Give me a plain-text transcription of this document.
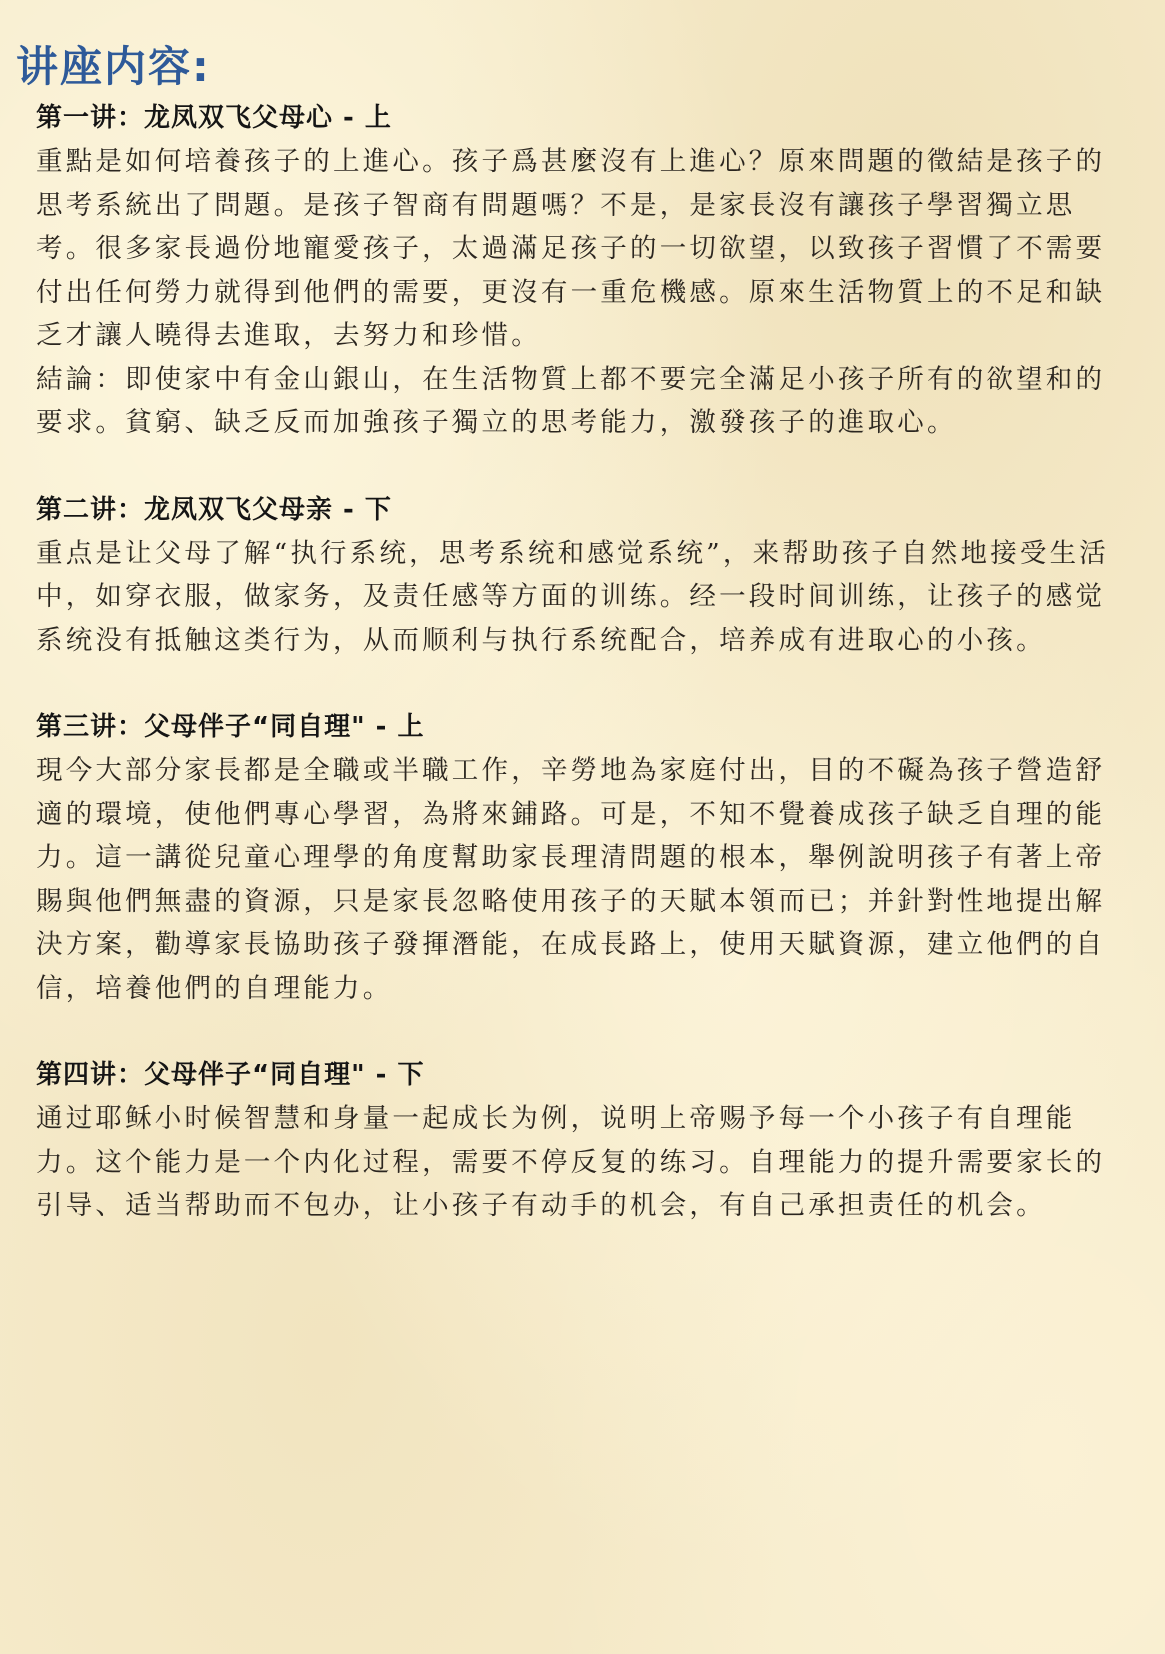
讲座内容:
第一讲：龙凤双飞父母心 - 上

重點是如何培養孩子的上進心。孩子爲甚麼沒有上進心？原來問題的徵結是孩子的思考系統出了問題。是孩子智商有問題嗎？不是，是家長沒有讓孩子學習獨立思考。很多家長過份地寵愛孩子，太過滿足孩子的一切欲望，以致孩子習慣了不需要付出任何勞力就得到他們的需要，更沒有一重危機感。原來生活物質上的不足和缺乏才讓人曉得去進取，去努力和珍惜。

結論：即使家中有金山銀山，在生活物質上都不要完全滿足小孩子所有的欲望和的要求。貧窮、缺乏反而加強孩子獨立的思考能力，激發孩子的進取心。

第二讲：龙凤双飞父母亲 - 下

重点是让父母了解“执行系统，思考系统和感觉系统”，来帮助孩子自然地接受生活中，如穿衣服，做家务，及责任感等方面的训练。经一段时间训练，让孩子的感觉系统没有抵触这类行为，从而顺利与执行系统配合，培养成有进取心的小孩。

第三讲：父母伴子“同自理" - 上

現今大部分家長都是全職或半職工作，辛勞地為家庭付出，目的不礙為孩子營造舒適的環境，使他們專心學習，為將來鋪路。可是，不知不覺養成孩子缺乏自理的能力。這一講從兒童心理學的角度幫助家長理清問題的根本，舉例說明孩子有著上帝賜與他們無盡的資源，只是家長忽略使用孩子的天賦本領而已；并針對性地提出解決方案，勸導家長協助孩子發揮潛能，在成長路上，使用天賦資源，建立他們的自信，培養他們的自理能力。

第四讲：父母伴子“同自理" - 下

通过耶稣小时候智慧和身量一起成长为例，说明上帝赐予每一个小孩子有自理能力。这个能力是一个内化过程，需要不停反复的练习。自理能力的提升需要家长的引导、适当帮助而不包办，让小孩子有动手的机会，有自己承担责任的机会。
